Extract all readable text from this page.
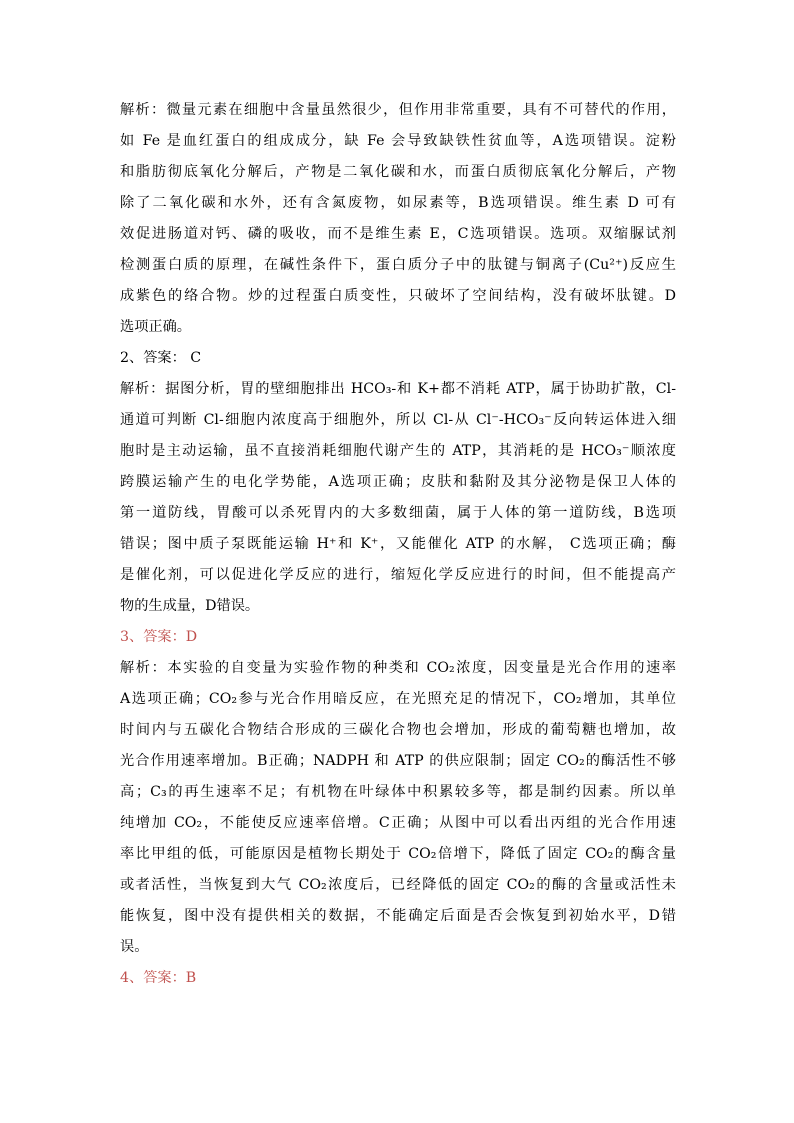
解析：微量元素在细胞中含量虽然很少，但作用非常重要，具有不可替代的作用，
如 Fe 是血红蛋白的组成成分，缺 Fe 会导致缺铁性贫血等，A选项错误。淀粉
和脂肪彻底氧化分解后，产物是二氧化碳和水，而蛋白质彻底氧化分解后，产物
除了二氧化碳和水外，还有含氮废物，如尿素等，B选项错误。维生素 D 可有
效促进肠道对钙、磷的吸收，而不是维生素 E，C选项错误。选项。双缩脲试剂
检测蛋白质的原理，在碱性条件下，蛋白质分子中的肽键与铜离子(Cu²⁺)反应生
成紫色的络合物。炒的过程蛋白质变性，只破坏了空间结构，没有破坏肽键。D
选项正确。
2、答案： C
解析：据图分析，胃的壁细胞排出 HCO₃-和 K+都不消耗 ATP，属于协助扩散，Cl-
通道可判断 Cl-细胞内浓度高于细胞外，所以 Cl-从 Cl⁻-HCO₃⁻反向转运体进入细
胞时是主动运输，虽不直接消耗细胞代谢产生的 ATP，其消耗的是 HCO₃⁻顺浓度
跨膜运输产生的电化学势能，A选项正确；皮肤和黏附及其分泌物是保卫人体的
第一道防线，胃酸可以杀死胃内的大多数细菌，属于人体的第一道防线，B选项
错误；图中质子泵既能运输 H⁺和 K⁺，又能催化 ATP 的水解， C选项正确；酶
是催化剂，可以促进化学反应的进行，缩短化学反应进行的时间，但不能提高产
物的生成量，D错误。
3、答案：D
解析：本实验的自变量为实验作物的种类和 CO₂浓度，因变量是光合作用的速率
A选项正确；CO₂参与光合作用暗反应，在光照充足的情况下，CO₂增加，其单位
时间内与五碳化合物结合形成的三碳化合物也会增加，形成的葡萄糖也增加，故
光合作用速率增加。B正确；NADPH 和 ATP 的供应限制；固定 CO₂的酶活性不够
高；C₃的再生速率不足；有机物在叶绿体中积累较多等，都是制约因素。所以单
纯增加 CO₂，不能使反应速率倍增。C正确；从图中可以看出丙组的光合作用速
率比甲组的低，可能原因是植物长期处于 CO₂倍增下，降低了固定 CO₂的酶含量
或者活性，当恢复到大气 CO₂浓度后，已经降低的固定 CO₂的酶的含量或活性未
能恢复，图中没有提供相关的数据，不能确定后面是否会恢复到初始水平，D错
误。
4、答案：B
